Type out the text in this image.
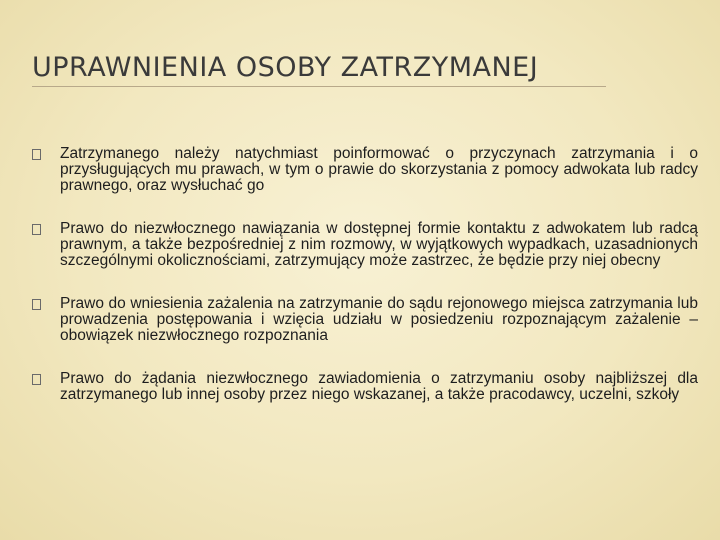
UPRAWNIENIA OSOBY ZATRZYMANEJ

Zatrzymanego należy natychmiast poinformować o przyczynach zatrzymania i o przysługujących mu prawach, w tym o prawie do skorzystania z pomocy adwokata lub radcy prawnego, oraz wysłuchać go

Prawo do niezwłocznego nawiązania w dostępnej formie kontaktu z adwokatem lub radcą prawnym, a także bezpośredniej z nim rozmowy, w wyjątkowych wypadkach, uzasadnionych szczególnymi okolicznościami, zatrzymujący może zastrzec, że będzie przy niej obecny

Prawo do wniesienia zażalenia na zatrzymanie do sądu rejonowego miejsca zatrzymania lub prowadzenia postępowania i wzięcia udziału w posiedzeniu rozpoznającym zażalenie – obowiązek niezwłocznego rozpoznania

Prawo do żądania niezwłocznego zawiadomienia o zatrzymaniu osoby najbliższej dla zatrzymanego lub innej osoby przez niego wskazanej, a także pracodawcy, uczelni, szkoły
